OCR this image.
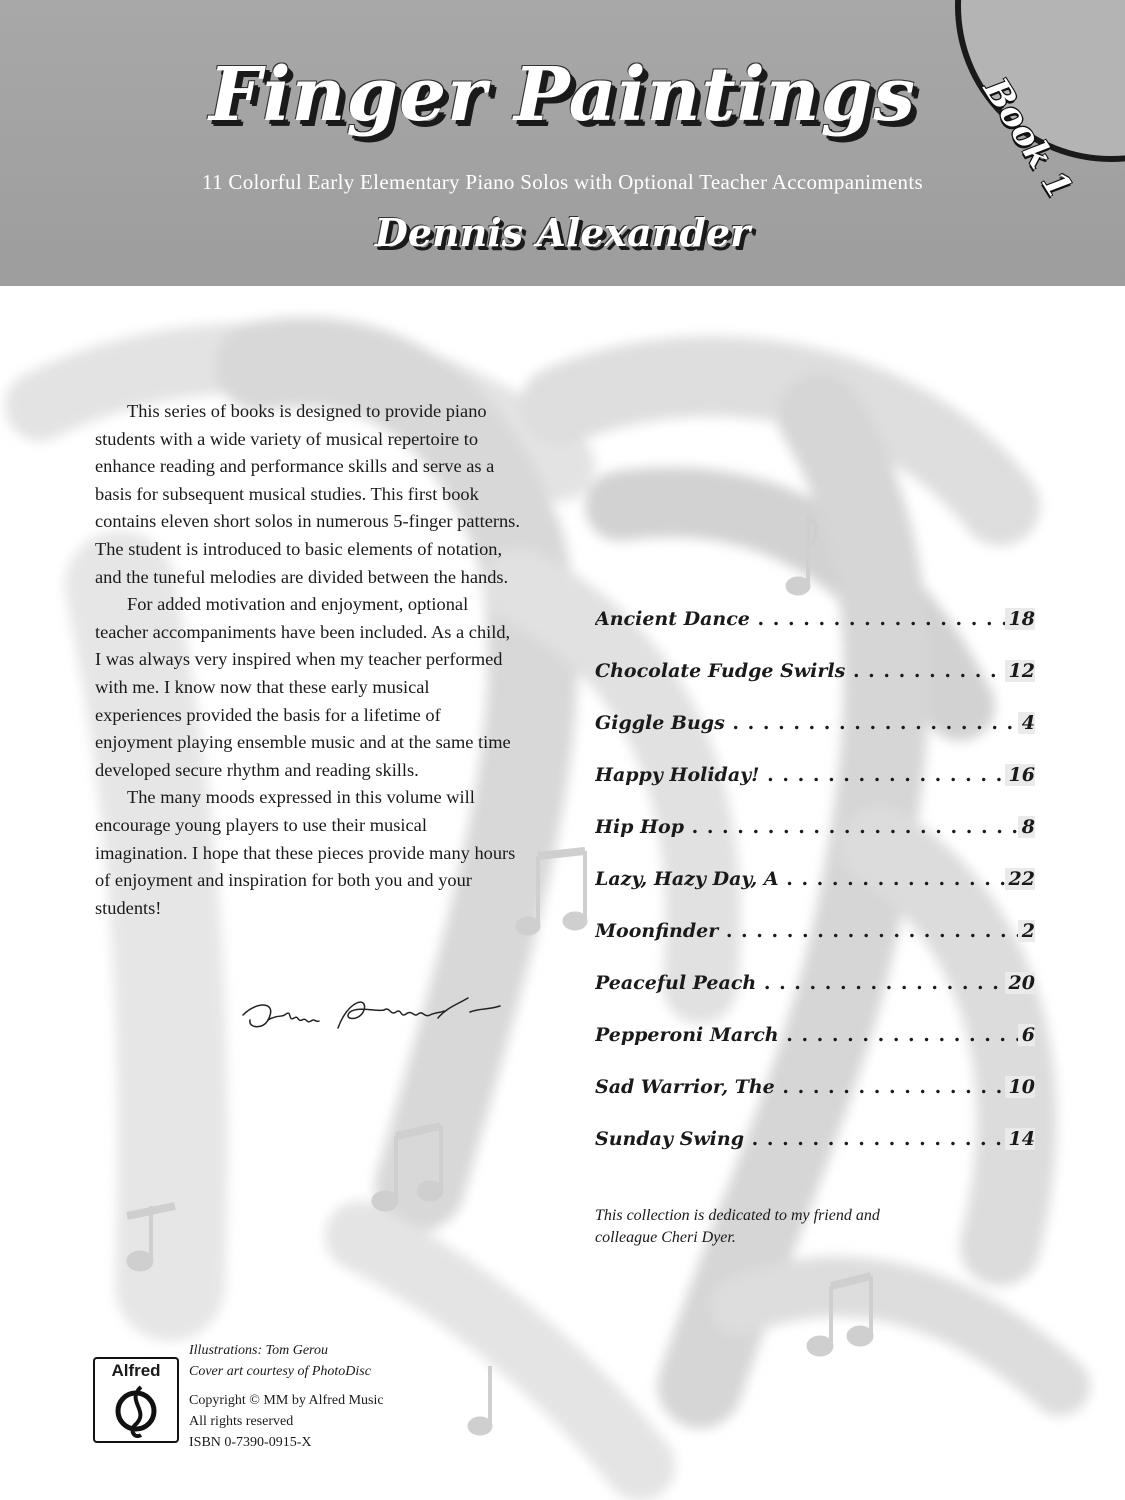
Book 1
Finger Paintings
11 Colorful Early Elementary Piano Solos with Optional Teacher Accompaniments
Dennis Alexander

This series of books is designed to provide piano students with a wide variety of musical repertoire to enhance reading and performance skills and serve as a basis for subsequent musical studies. This first book contains eleven short solos in numerous 5-finger patterns. The student is introduced to basic elements of notation, and the tuneful melodies are divided between the hands.

For added motivation and enjoyment, optional teacher accompaniments have been included. As a child, I was always very inspired when my teacher performed with me. I know now that these early musical experiences provided the basis for a lifetime of enjoyment playing ensemble music and at the same time developed secure rhythm and reading skills.

The many moods expressed in this volume will encourage young players to use their musical imagination. I hope that these pieces provide many hours of enjoyment and inspiration for both you and your students!

Ancient Dance . . .	18
Chocolate Fudge Swirls . . .	12
Giggle Bugs . . .	4
Happy Holiday! . . .	16
Hip Hop . . .	8
Lazy, Hazy Day, A . . .	22
Moonfinder . . .	2
Peaceful Peach . . .	20
Pepperoni March . . .	6
Sad Warrior, The . . .	10
Sunday Swing . . .	14
This collection is dedicated to my friend and colleague Cheri Dyer.
Alfred
Illustrations: Tom Gerou
Cover art courtesy of PhotoDisc
Copyright © MM by Alfred Music
All rights reserved
ISBN 0-7390-0915-X
